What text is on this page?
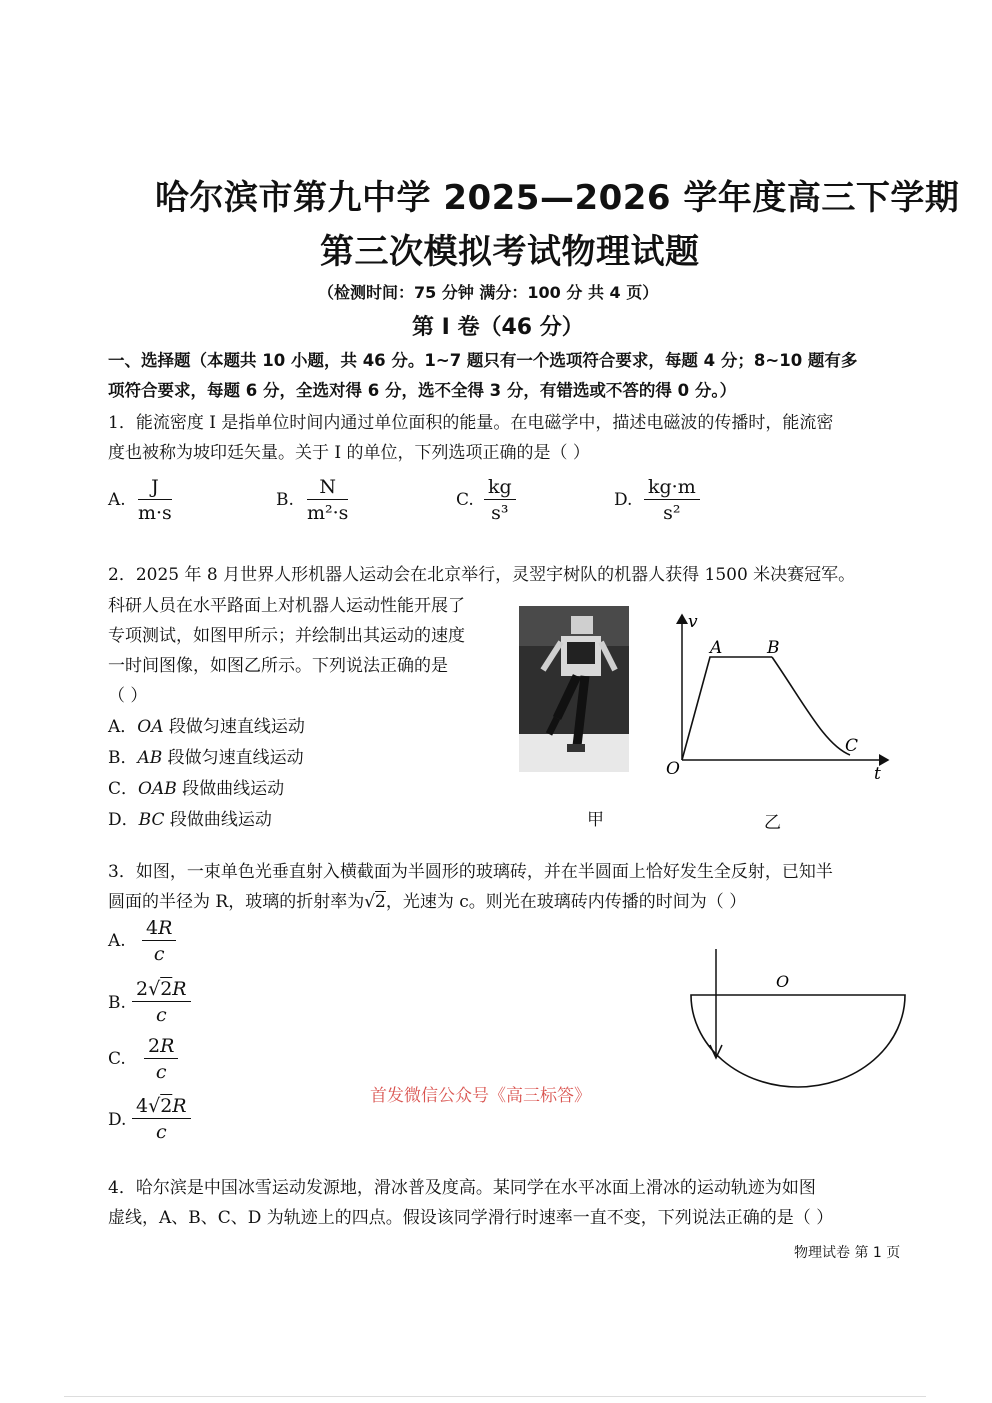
哈尔滨市第九中学 2025—2026 学年度高三下学期
第三次模拟考试物理试题
（检测时间：75 分钟 满分：100 分 共 4 页）
第 I 卷（46 分）
一、选择题（本题共 10 小题，共 46 分。1~7 题只有一个选项符合要求，每题 4 分；8~10 题有多
项符合要求，每题 6 分，全选对得 6 分，选不全得 3 分，有错选或不答的得 0 分。）
1．能流密度 I 是指单位时间内通过单位面积的能量。在电磁学中，描述电磁波的传播时，能流密
度也被称为坡印廷矢量。关于 I 的单位，下列选项正确的是（ ）
A.
J
m·s
B.
N
m²·s
C.
kg
s³
D.
kg·m
s²
2．2025 年 8 月世界人形机器人运动会在北京举行，灵翌宇树队的机器人获得 1500 米决赛冠军。
科研人员在水平路面上对机器人运动性能开展了
专项测试，如图甲所示；并绘制出其运动的速度
一时间图像，如图乙所示。下列说法正确的是
（ ）
A．OA 段做匀速直线运动
B．AB 段做匀速直线运动
C．OAB 段做曲线运动
D．BC 段做曲线运动	甲
v
t
O
A	B
C
乙
3．如图，一束单色光垂直射入横截面为半圆形的玻璃砖，并在半圆面上恰好发生全反射，已知半
圆面的半径为 R，玻璃的折射率为√2，光速为 c。则光在玻璃砖内传播的时间为（ ）
A.
4R
c
B.
2√2R
c
C.
2R
c
D.
4√2R
c
O
首发微信公众号《高三标答》
4．哈尔滨是中国冰雪运动发源地，滑冰普及度高。某同学在水平冰面上滑冰的运动轨迹为如图
虚线，A、B、C、D 为轨迹上的四点。假设该同学滑行时速率一直不变，下列说法正确的是（ ）
物理试卷 第 1 页
